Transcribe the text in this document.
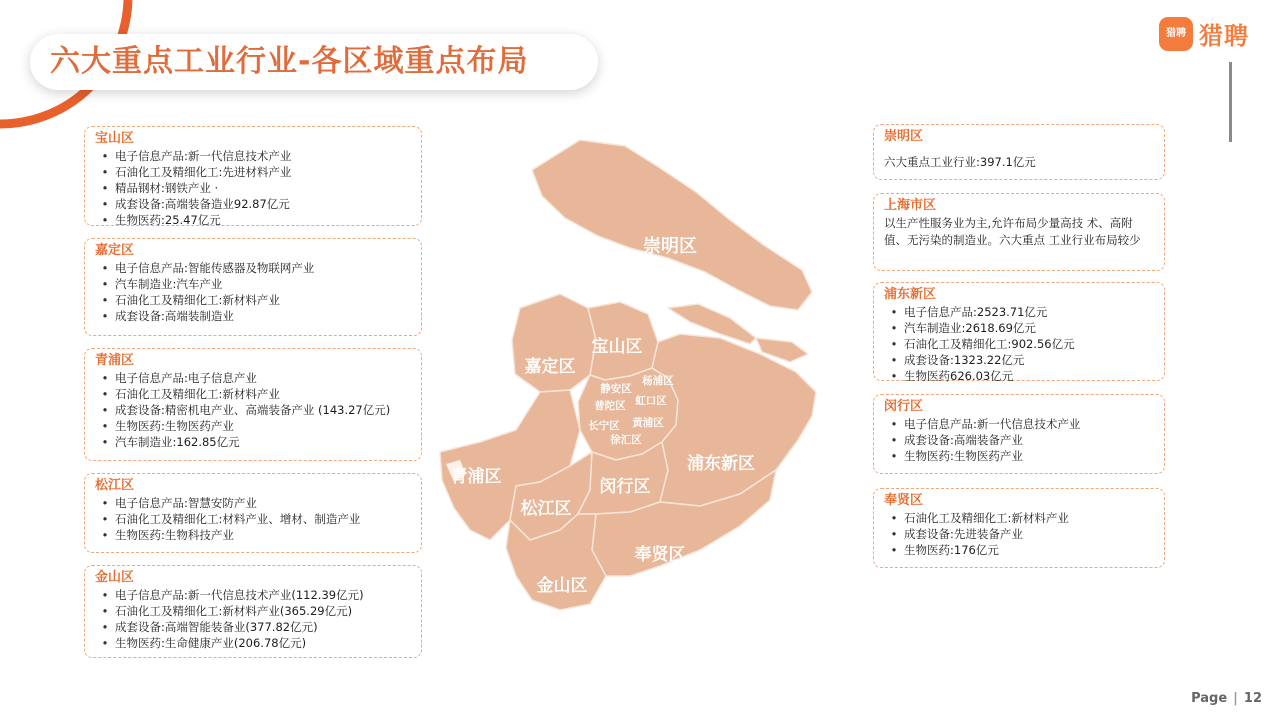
六大重点工业行业-各区域重点布局
猎聘 猎聘
宝山区
• 电子信息产品:新一代信息技术产业
• 石油化工及精细化工:先进材料产业
• 精品钢材:钢铁产业 ·
• 成套设备:高端装备造业92.87亿元
• 生物医药:25.47亿元
嘉定区
• 电子信息产品:智能传感器及物联网产业
• 汽车制造业:汽车产业
• 石油化工及精细化工:新材料产业
• 成套设备:高端装制造业
青浦区
• 电子信息产品:电子信息产业
• 石油化工及精细化工:新材料产业
• 成套设备:精密机电产业、高端装备产业 (143.27亿元)
• 生物医药:生物医药产业
• 汽车制造业:162.85亿元
松江区
• 电子信息产品:智慧安防产业
• 石油化工及精细化工:材料产业、增材、制造产业
• 生物医药:生物科技产业
金山区
• 电子信息产品:新一代信息技术产业(112.39亿元)
• 石油化工及精细化工:新材料产业(365.29亿元)
• 成套设备:高端智能装备业(377.82亿元)
• 生物医药:生命健康产业(206.78亿元)
崇明区
六大重点工业行业:397.1亿元
上海市区
以生产性服务业为主,允许布局少量高技 术、高附值、无污染的制造业。六大重点 工业行业布局较少
浦东新区
• 电子信息产品:2523.71亿元
• 汽车制造业:2618.69亿元
• 石油化工及精细化工:902.56亿元
• 成套设备:1323.22亿元
• 生物医药626.03亿元
闵行区
• 电子信息产品:新一代信息技术产业
• 成套设备:高端装备产业
• 生物医药:生物医药产业
奉贤区
• 石油化工及精细化工:新材料产业
• 成套设备:先进装备产业
• 生物医药:176亿元
崇明区
宝山区
嘉定区
青浦区
松江区
金山区
闵行区
奉贤区
浦东新区
杨浦区
静安区
虹口区
普陀区
黄浦区
长宁区
徐汇区
Page | 12
